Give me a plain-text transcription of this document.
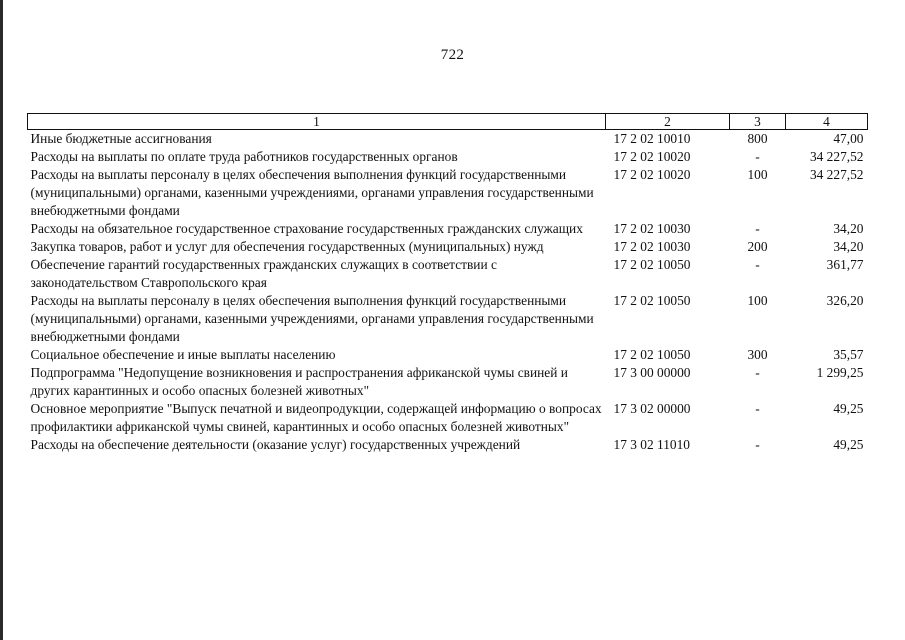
722
1	2	3	4
Иные бюджетные ассигнования	17 2 02 10010	800	47,00
Расходы на выплаты по оплате труда работников государственных органов	17 2 02 10020	-	34 227,52
Расходы на выплаты персоналу в целях обеспечения выполнения функций государственными (муниципальными) органами, казенными учреждениями, органами управления государственными внебюджетными фондами	17 2 02 10020	100	34 227,52
Расходы на обязательное государственное страхование государственных гражданских служащих	17 2 02 10030	-	34,20
Закупка товаров, работ и услуг для обеспечения государственных (муниципальных) нужд	17 2 02 10030	200	34,20
Обеспечение гарантий государственных гражданских служащих в соответствии с законодательством Ставропольского края	17 2 02 10050	-	361,77
Расходы на выплаты персоналу в целях обеспечения выполнения функций государственными (муниципальными) органами, казенными учреждениями, органами управления государственными внебюджетными фондами	17 2 02 10050	100	326,20
Социальное обеспечение и иные выплаты населению	17 2 02 10050	300	35,57
Подпрограмма "Недопущение возникновения и распространения африканской чумы свиней и других карантинных и особо опасных болезней животных"	17 3 00 00000	-	1 299,25
Основное мероприятие "Выпуск печатной и видеопродукции, содержащей информацию о вопросах профилактики африканской чумы свиней, карантинных и особо опасных болезней животных"	17 3 02 00000	-	49,25
Расходы на обеспечение деятельности (оказание услуг) государственных учреждений	17 3 02 11010	-	49,25
